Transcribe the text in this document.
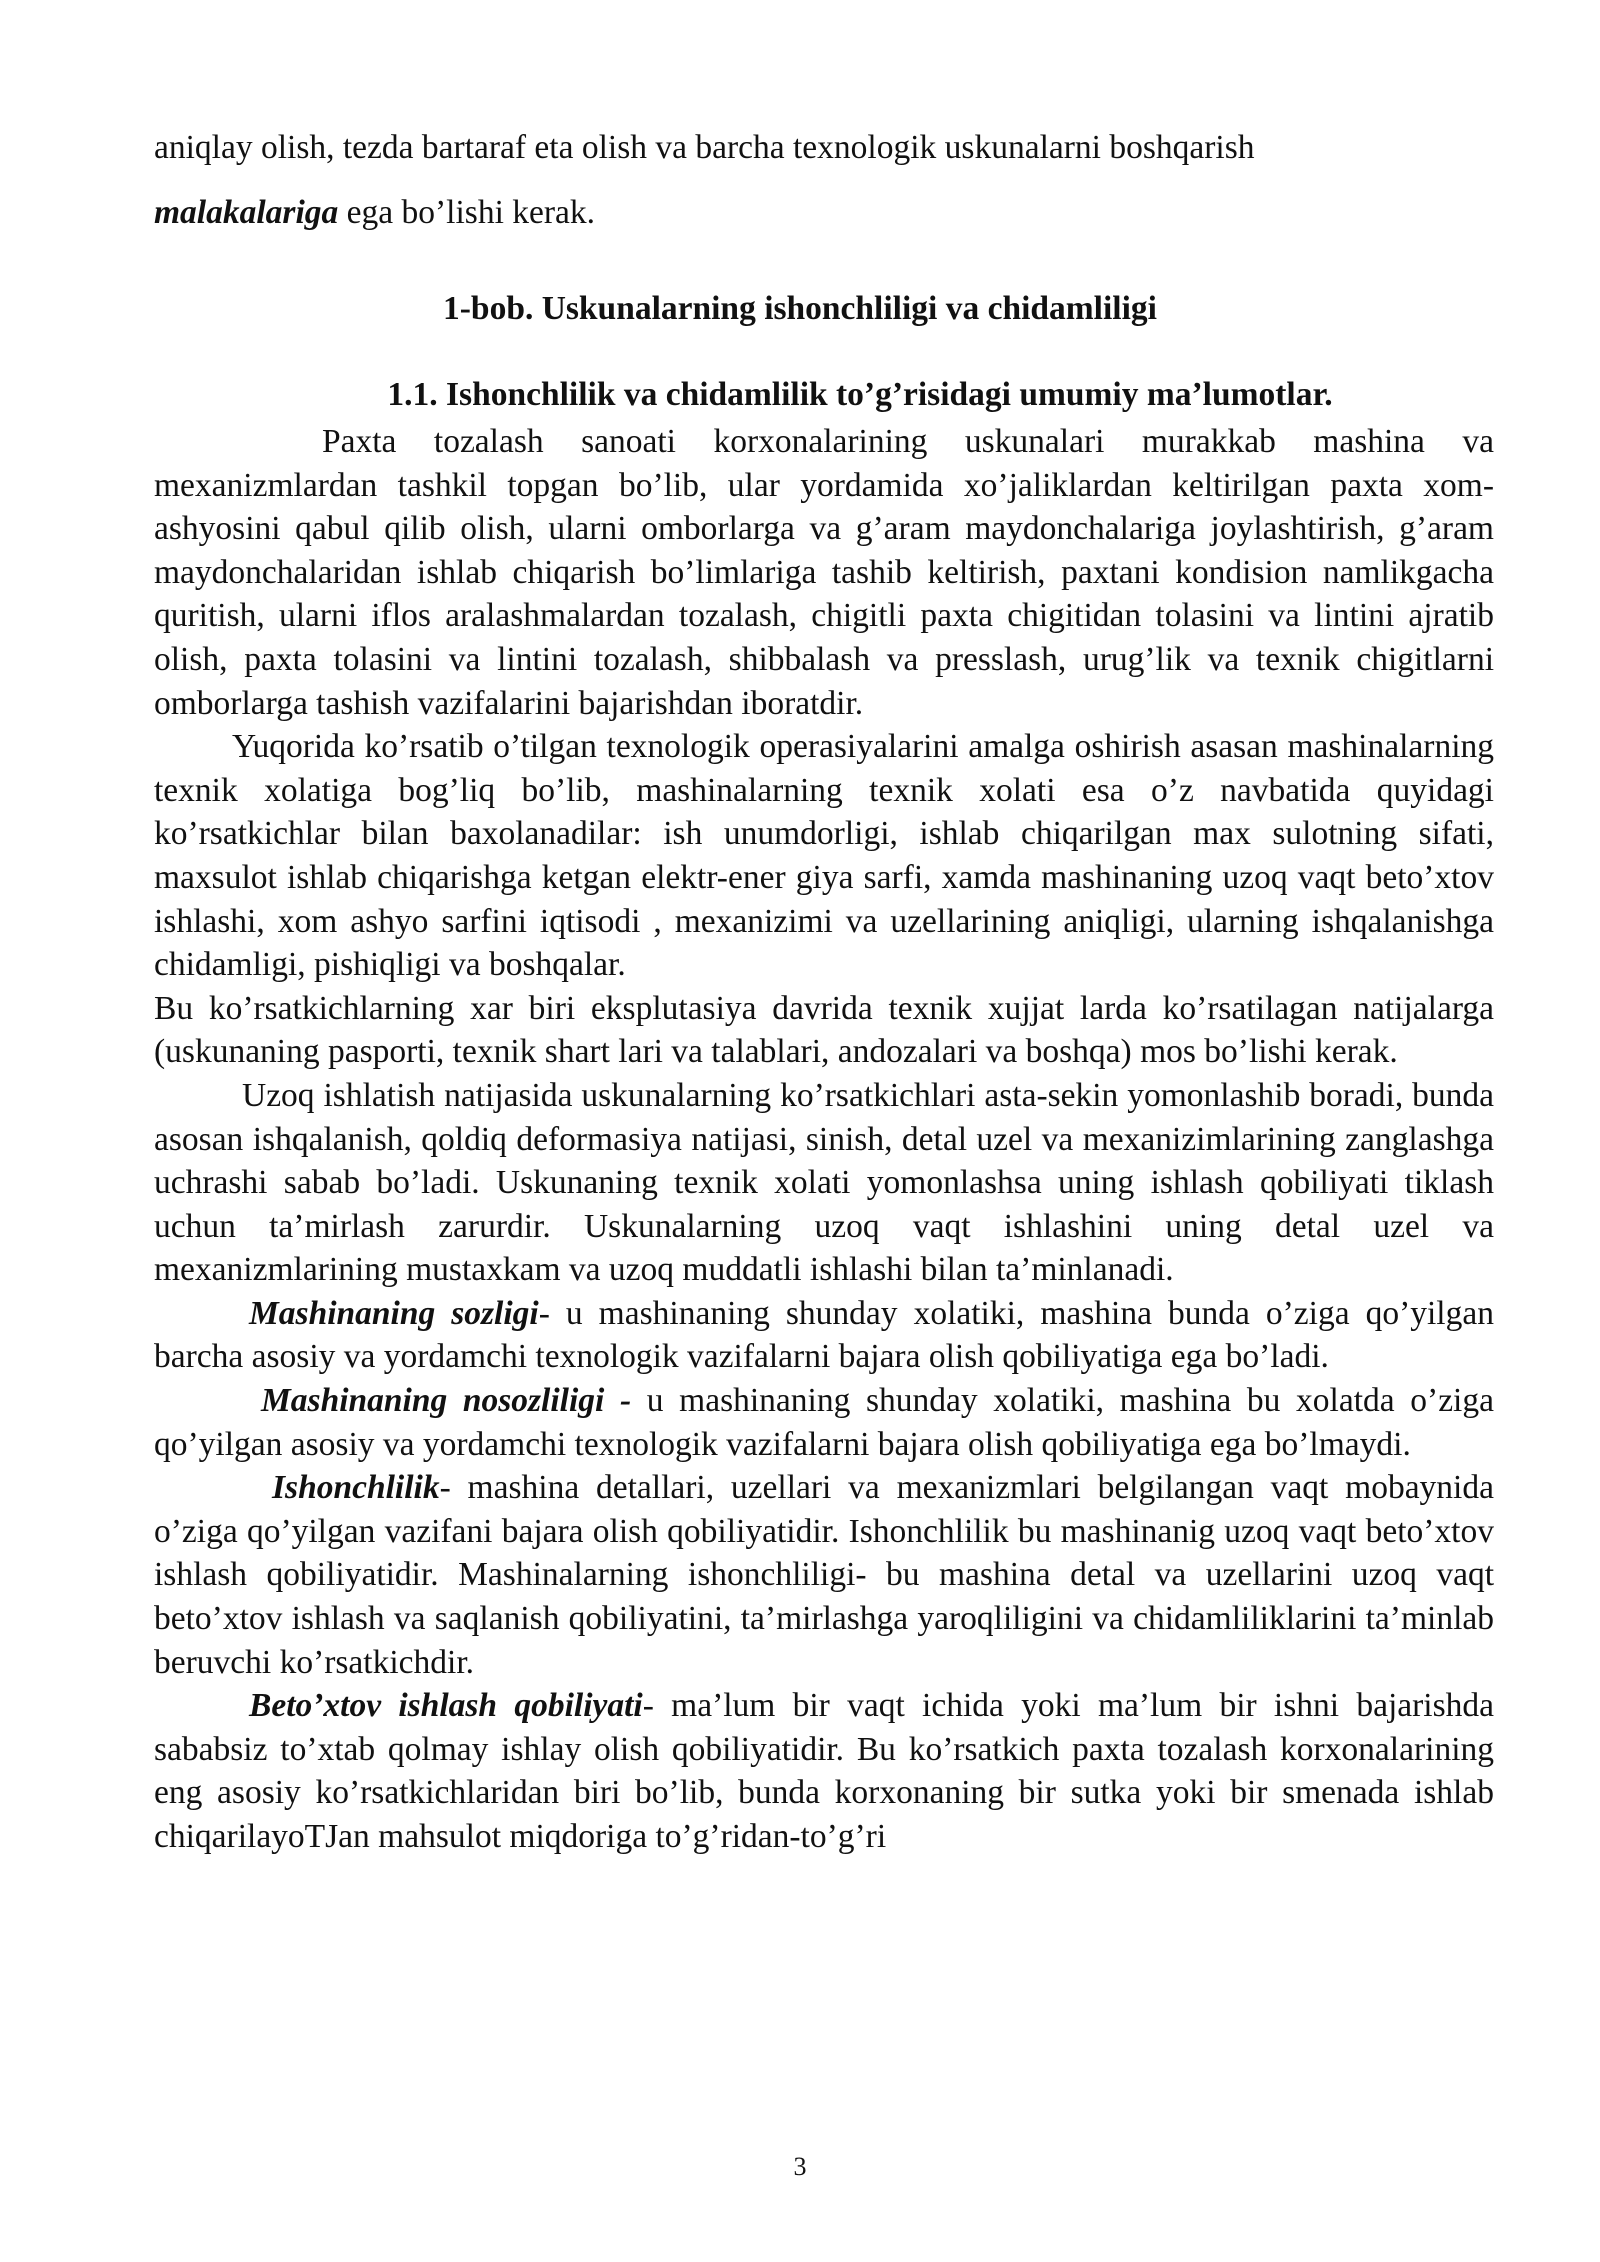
aniqlay olish, tezda bartaraf eta olish va barcha texnologik uskunalarni boshqarish
malakalariga ega bo’lishi kerak.
1-bob. Uskunalarning ishonchliligi va chidamliligi
1.1. Ishonchlilik va chidamlilik to’g’risidagi umumiy ma’lumotlar.

Paxta tozalash sanoati korxonalarining uskunalari murakkab mashina va mexanizmlardan tashkil topgan bo’lib, ular yordamida xo’jaliklardan keltirilgan paxta xom-ashyosini qabul qilib olish, ularni omborlarga va g’aram maydonchalariga joylashtirish, g’aram maydonchalaridan ishlab chiqarish bo’limlariga tashib keltirish, paxtani kondision namlikgacha quritish, ularni iflos aralashmalardan tozalash, chigitli paxta chigitidan tolasini va lintini ajratib olish, paxta tolasini va lintini tozalash, shibbalash va presslash, urug’lik va texnik chigitlarni omborlarga tashish vazifalarini bajarishdan iboratdir.

Yuqorida ko’rsatib o’tilgan texnologik operasiyalarini amalga oshirish asasan mashinalarning texnik xolatiga bog’liq bo’lib, mashinalarning texnik xolati esa o’z navbatida quyidagi ko’rsatkichlar bilan baxolanadilar: ish unumdorligi, ishlab chiqarilgan max sulotning sifati, maxsulot ishlab chiqarishga ketgan elektr-ener giya sarfi, xamda mashinaning uzoq vaqt beto’xtov ishlashi, xom ashyo sarfini iqtisodi , mexanizimi va uzellarining aniqligi, ularning ishqalanishga chidamligi, pishiqligi va boshqalar.

Bu ko’rsatkichlarning xar biri eksplutasiya davrida texnik xujjat larda ko’rsatilagan natijalarga (uskunaning pasporti, texnik shart lari va talablari, andozalari va boshqa) mos bo’lishi kerak.

Uzoq ishlatish natijasida uskunalarning ko’rsatkichlari asta-sekin yomonlashib boradi, bunda asosan ishqalanish, qoldiq deformasiya natijasi, sinish, detal uzel va mexanizimlarining zanglashga uchrashi sabab bo’ladi. Uskunaning texnik xolati yomonlashsa uning ishlash qobiliyati tiklash uchun ta’mirlash zarurdir. Uskunalarning uzoq vaqt ishlashini uning detal uzel va mexanizmlarining mustaxkam va uzoq muddatli ishlashi bilan ta’minlanadi.

Mashinaning sozligi- u mashinaning shunday xolatiki, mashina bunda o’ziga qo’yilgan barcha asosiy va yordamchi texnologik vazifalarni bajara olish qobiliyatiga ega bo’ladi.

Mashinaning nosozliligi - u mashinaning shunday xolatiki, mashina bu xolatda o’ziga qo’yilgan asosiy va yordamchi texnologik vazifalarni bajara olish qobiliyatiga ega bo’lmaydi.

Ishonchlilik- mashina detallari, uzellari va mexanizmlari belgilangan vaqt mobaynida o’ziga qo’yilgan vazifani bajara olish qobiliyatidir. Ishonchlilik bu mashinanig uzoq vaqt beto’xtov ishlash qobiliyatidir. Mashinalarning ishonchliligi- bu mashina detal va uzellarini uzoq vaqt beto’xtov ishlash va saqlanish qobiliyatini, ta’mirlashga yaroqliligini va chidamliliklarini ta’minlab beruvchi ko’rsatkichdir.

Beto’xtov ishlash qobiliyati- ma’lum bir vaqt ichida yoki ma’lum bir ishni bajarishda sababsiz to’xtab qolmay ishlay olish qobiliyatidir. Bu ko’rsatkich paxta tozalash korxonalarining eng asosiy ko’rsatkichlaridan biri bo’lib, bunda korxonaning bir sutka yoki bir smenada ishlab chiqarilayoTJan mahsulot miqdoriga to’g’ridan-to’g’ri

3
